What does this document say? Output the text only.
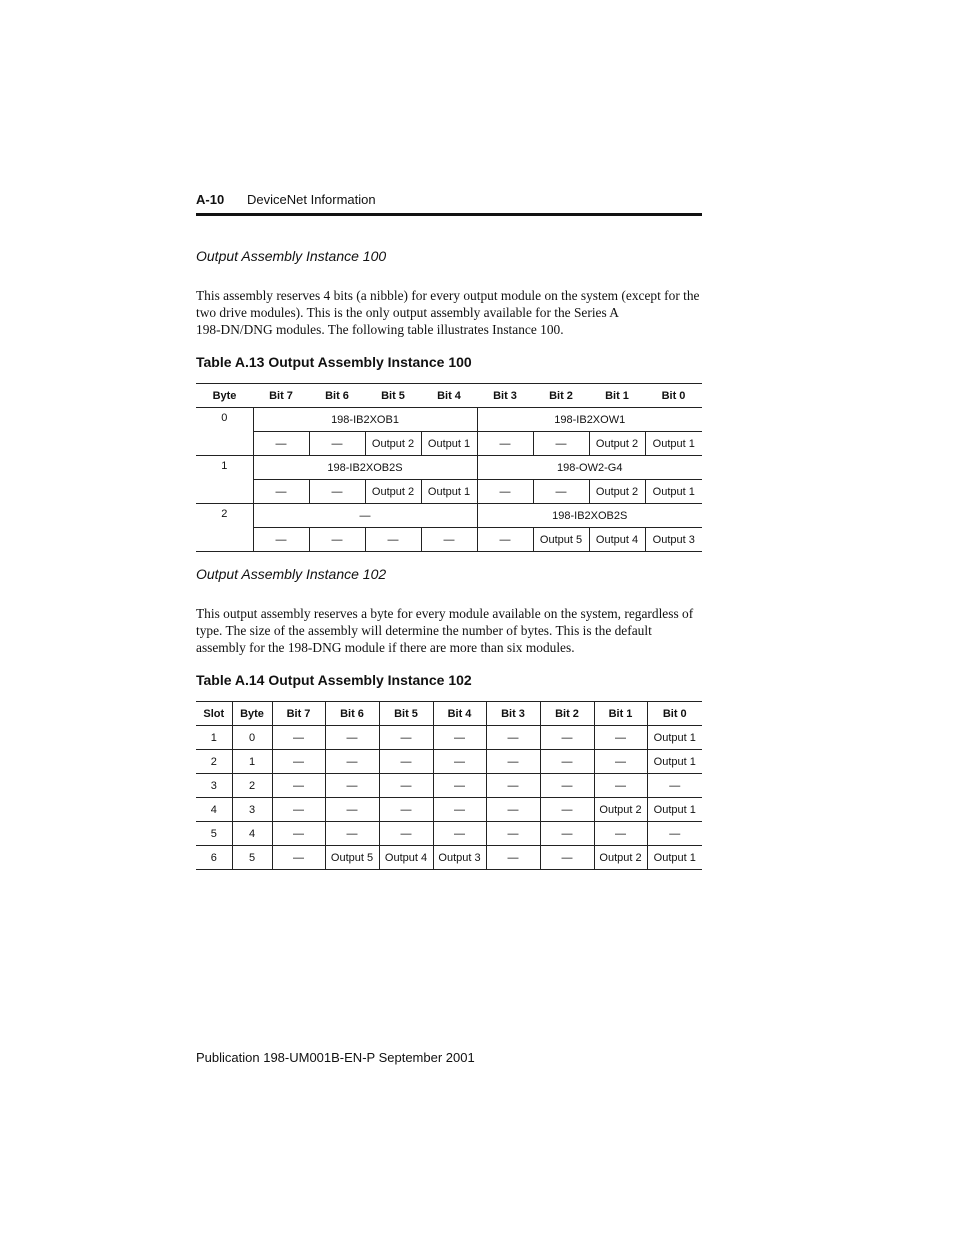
A-10 DeviceNet Information
Output Assembly Instance 100
This assembly reserves 4 bits (a nibble) for every output module on the system (except for the
two drive modules). This is the only output assembly available for the Series A
198-DN/DNG modules. The following table illustrates Instance 100.
Table A.13 Output Assembly Instance 100
Byte	Bit 7	Bit 6	Bit 5	Bit 4	Bit 3	Bit 2	Bit 1	Bit 0
0	198-IB2XOB1				198-IB2XOW1			
	—	—	Output 2	Output 1	—	—	Output 2	Output 1
1	198-IB2XOB2S				198-OW2-G4			
	—	—	Output 2	Output 1	—	—	Output 2	Output 1
2	—				198-IB2XOB2S			
	—	—	—	—	—	Output 5	Output 4	Output 3
Output Assembly Instance 102
This output assembly reserves a byte for every module available on the system, regardless of
type. The size of the assembly will determine the number of bytes. This is the default
assembly for the 198-DNG module if there are more than six modules.
Table A.14 Output Assembly Instance 102
Slot	Byte	Bit 7	Bit 6	Bit 5	Bit 4	Bit 3	Bit 2	Bit 1	Bit 0
1	0	—	—	—	—	—	—	—	Output 1
2	1	—	—	—	—	—	—	—	Output 1
3	2	—	—	—	—	—	—	—	—
4	3	—	—	—	—	—	—	Output 2	Output 1
5	4	—	—	—	—	—	—	—	—
6	5	—	Output 5	Output 4	Output 3	—	—	Output 2	Output 1
Publication 198-UM001B-EN-P September 2001
